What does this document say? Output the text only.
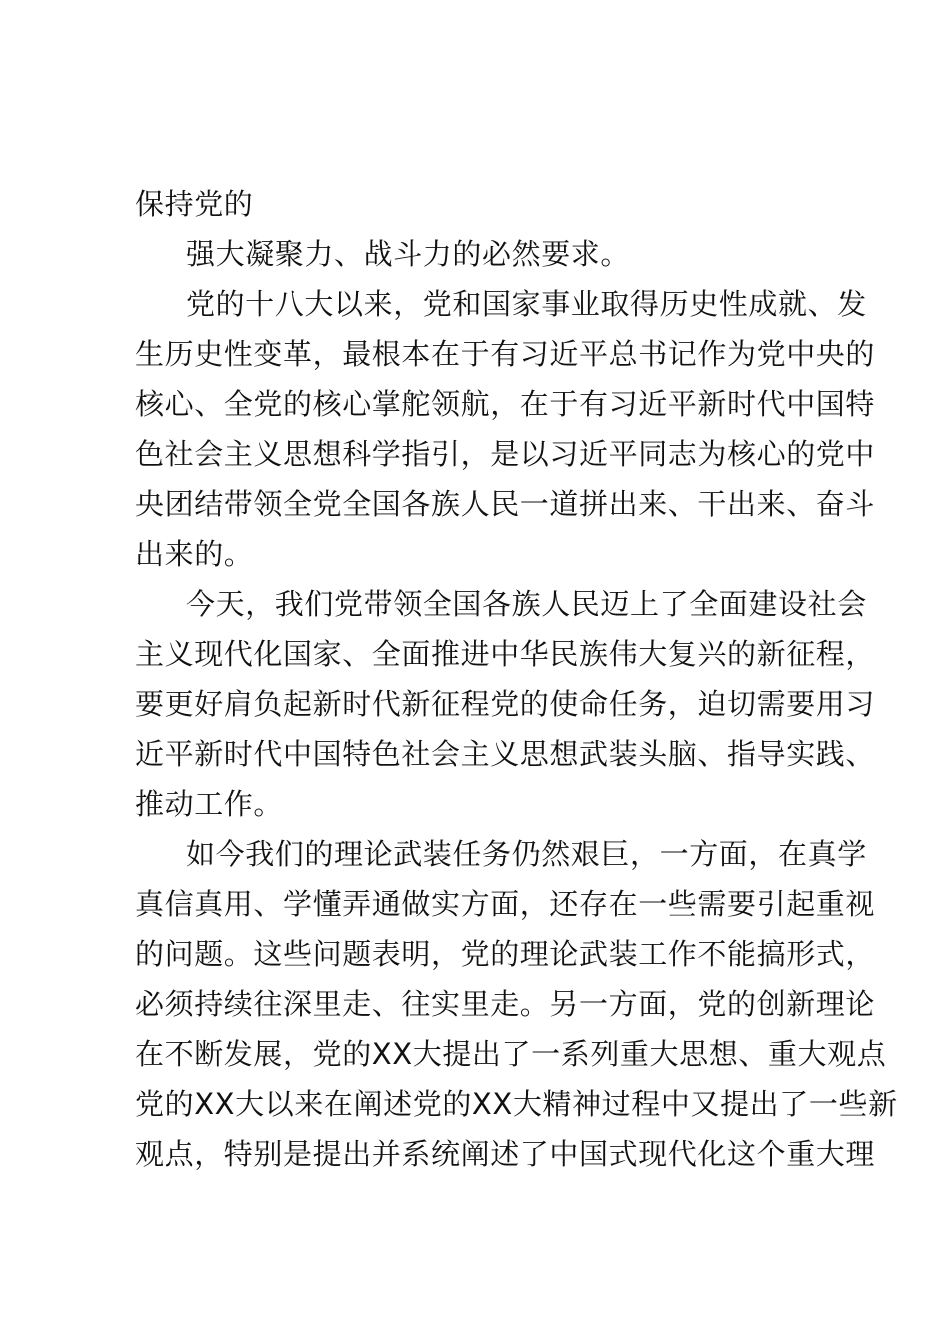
保持党的

强大凝聚力、战斗力的必然要求。

党的十八大以来，党和国家事业取得历史性成就、发

生历史性变革，最根本在于有习近平总书记作为党中央的

核心、全党的核心掌舵领航，在于有习近平新时代中国特

色社会主义思想科学指引，是以习近平同志为核心的党中

央团结带领全党全国各族人民一道拼出来、干出来、奋斗

出来的。

今天，我们党带领全国各族人民迈上了全面建设社会

主义现代化国家、全面推进中华民族伟大复兴的新征程，

要更好肩负起新时代新征程党的使命任务，迫切需要用习

近平新时代中国特色社会主义思想武装头脑、指导实践、

推动工作。

如今我们的理论武装任务仍然艰巨，一方面，在真学

真信真用、学懂弄通做实方面，还存在一些需要引起重视

的问题。这些问题表明，党的理论武装工作不能搞形式，

必须持续往深里走、往实里走。另一方面，党的创新理论

在不断发展，党的XX大提出了一系列重大思想、重大观点

党的XX大以来在阐述党的XX大精神过程中又提出了一些新

观点，特别是提出并系统阐述了中国式现代化这个重大理
